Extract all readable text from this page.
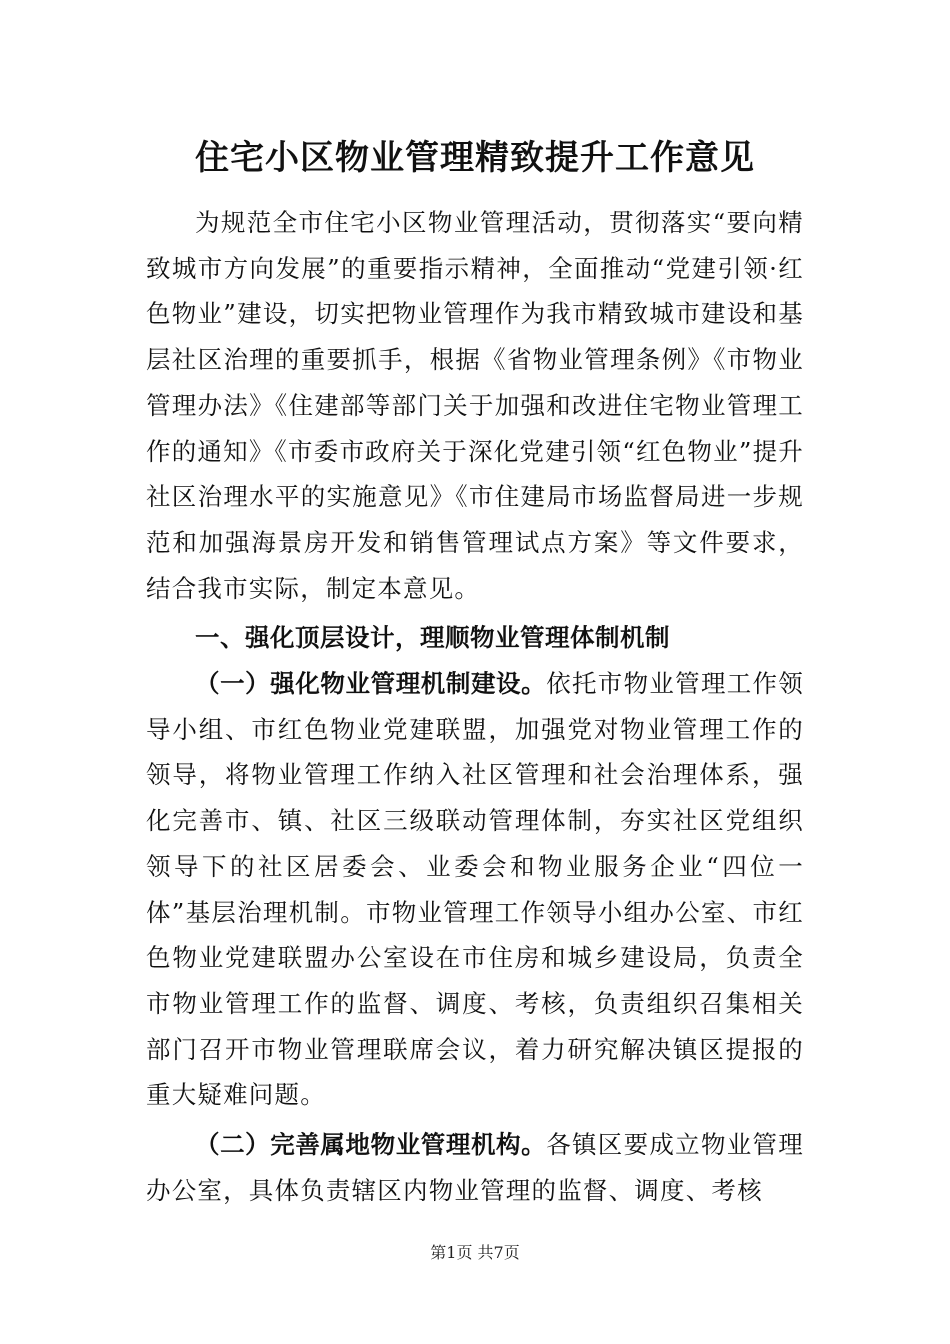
住宅小区物业管理精致提升工作意见

为规范全市住宅小区物业管理活动，贯彻落实“要向精致城市方向发展”的重要指示精神，全面推动“党建引领·红色物业”建设，切实把物业管理作为我市精致城市建设和基层社区治理的重要抓手，根据《省物业管理条例》《市物业管理办法》《住建部等部门关于加强和改进住宅物业管理工作的通知》《市委市政府关于深化党建引领“红色物业”提升社区治理水平的实施意见》《市住建局市场监督局进一步规范和加强海景房开发和销售管理试点方案》等文件要求，结合我市实际，制定本意见。

一、强化顶层设计，理顺物业管理体制机制

（一）强化物业管理机制建设。依托市物业管理工作领导小组、市红色物业党建联盟，加强党对物业管理工作的领导，将物业管理工作纳入社区管理和社会治理体系，强化完善市、镇、社区三级联动管理体制，夯实社区党组织领导下的社区居委会、业委会和物业服务企业“四位一体”基层治理机制。市物业管理工作领导小组办公室、市红色物业党建联盟办公室设在市住房和城乡建设局，负责全市物业管理工作的监督、调度、考核，负责组织召集相关部门召开市物业管理联席会议，着力研究解决镇区提报的重大疑难问题。

（二）完善属地物业管理机构。各镇区要成立物业管理办公室，具体负责辖区内物业管理的监督、调度、考核

第1页 共7页
